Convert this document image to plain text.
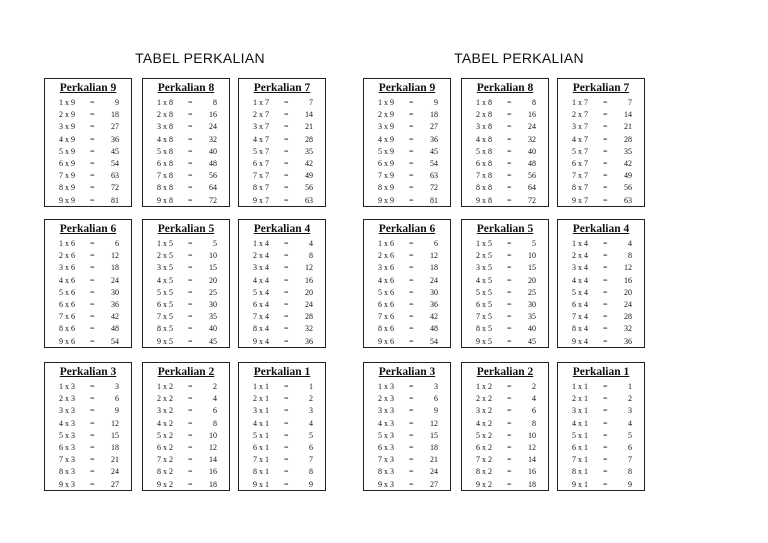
TABEL PERKALIAN
Perkalian 9
1 x 9 =	9
2 x 9 = 18
3 x 9 = 27
4 x 9 = 36
5 x 9 = 45
6 x 9 = 54
7 x 9 = 63
8 x 9 = 72
9 x 9 = 81
Perkalian 8
1 x 8 =	8
2 x 8 = 16
3 x 8 = 24
4 x 8 = 32
5 x 8 = 40
6 x 8 = 48
7 x 8 = 56
8 x 8 = 64
9 x 8 = 72
Perkalian 7
1 x 7 =	7
2 x 7 = 14
3 x 7 = 21
4 x 7 = 28
5 x 7 = 35
6 x 7 = 42
7 x 7 = 49
8 x 7 = 56
9 x 7 = 63
Perkalian 6
1 x 6 =	6
2 x 6 = 12
3 x 6 = 18
4 x 6 = 24
5 x 6 = 30
6 x 6 = 36
7 x 6 = 42
8 x 6 = 48
9 x 6 = 54
Perkalian 5
1 x 5 =	5
2 x 5 = 10
3 x 5 = 15
4 x 5 = 20
5 x 5 = 25
6 x 5 = 30
7 x 5 = 35
8 x 5 = 40
9 x 5 = 45
Perkalian 4
1 x 4 =	4
2 x 4 =	8
3 x 4 = 12
4 x 4 = 16
5 x 4 = 20
6 x 4 = 24
7 x 4 = 28
8 x 4 = 32
9 x 4 = 36
Perkalian 3
1 x 3 =	3
2 x 3 =	6
3 x 3 =	9
4 x 3 = 12
5 x 3 = 15
6 x 3 = 18
7 x 3 = 21
8 x 3 = 24
9 x 3 = 27
Perkalian 2
1 x 2 =	2
2 x 2 =	4
3 x 2 =	6
4 x 2 =	8
5 x 2 = 10
6 x 2 = 12
7 x 2 = 14
8 x 2 = 16
9 x 2 = 18
Perkalian 1
1 x 1 =	1
2 x 1 =	2
3 x 1 =	3
4 x 1 =	4
5 x 1 =	5
6 x 1 =	6
7 x 1 =	7
8 x 1 =	8
9 x 1 =	9
TABEL PERKALIAN
Perkalian 9
1 x 9 =	9
2 x 9 = 18
3 x 9 = 27
4 x 9 = 36
5 x 9 = 45
6 x 9 = 54
7 x 9 = 63
8 x 9 = 72
9 x 9 = 81
Perkalian 8
1 x 8 =	8
2 x 8 = 16
3 x 8 = 24
4 x 8 = 32
5 x 8 = 40
6 x 8 = 48
7 x 8 = 56
8 x 8 = 64
9 x 8 = 72
Perkalian 7
1 x 7 =	7
2 x 7 = 14
3 x 7 = 21
4 x 7 = 28
5 x 7 = 35
6 x 7 = 42
7 x 7 = 49
8 x 7 = 56
9 x 7 = 63
Perkalian 6
1 x 6 =	6
2 x 6 = 12
3 x 6 = 18
4 x 6 = 24
5 x 6 = 30
6 x 6 = 36
7 x 6 = 42
8 x 6 = 48
9 x 6 = 54
Perkalian 5
1 x 5 =	5
2 x 5 = 10
3 x 5 = 15
4 x 5 = 20
5 x 5 = 25
6 x 5 = 30
7 x 5 = 35
8 x 5 = 40
9 x 5 = 45
Perkalian 4
1 x 4 =	4
2 x 4 =	8
3 x 4 = 12
4 x 4 = 16
5 x 4 = 20
6 x 4 = 24
7 x 4 = 28
8 x 4 = 32
9 x 4 = 36
Perkalian 3
1 x 3 =	3
2 x 3 =	6
3 x 3 =	9
4 x 3 = 12
5 x 3 = 15
6 x 3 = 18
7 x 3 = 21
8 x 3 = 24
9 x 3 = 27
Perkalian 2
1 x 2 =	2
2 x 2 =	4
3 x 2 =	6
4 x 2 =	8
5 x 2 = 10
6 x 2 = 12
7 x 2 = 14
8 x 2 = 16
9 x 2 = 18
Perkalian 1
1 x 1 =	1
2 x 1 =	2
3 x 1 =	3
4 x 1 =	4
5 x 1 =	5
6 x 1 =	6
7 x 1 =	7
8 x 1 =	8
9 x 1 =	9
